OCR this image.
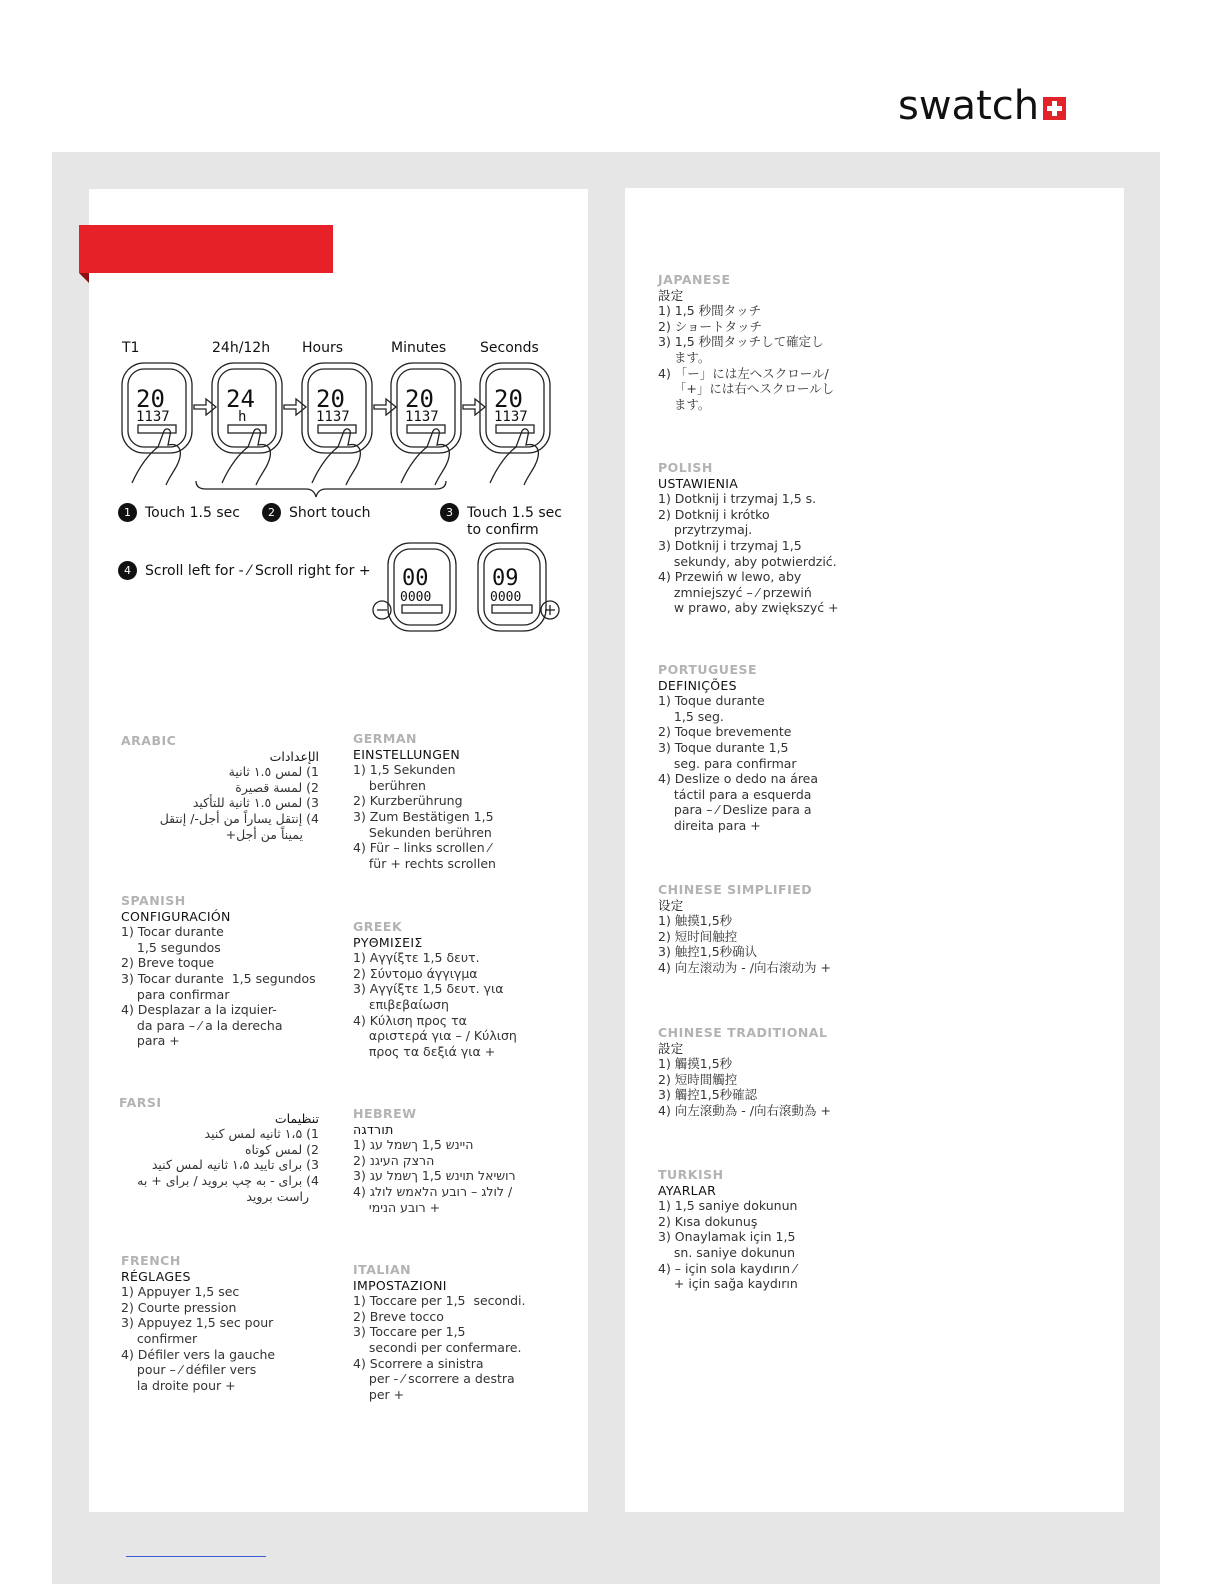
swatch
T1	24h/12h Hours	Minutes Seconds
20
1137
24
h
20
1137
20
1137
20
1137
00
0000
09
0000
1 Touch 1.5 sec	2 Short touch	3 Touch 1.5 sec
to confirm
4 Scroll left for - ⁄ Scroll right for +
ARABIC
الإعدادات
1) لمس ١.٥ ثانية
2) لمسة قصيرة
3) لمس ١.٥ ثانية للتأكيد
4) إنتقل يساراً من أجل-/ إنتقل
يميناً من أجل+
GERMAN
EINSTELLUNGEN
1) 1,5 Sekunden
berühren
2) Kurzberührung
3) Zum Bestätigen 1,5
Sekunden berühren
4) Für – links scrollen ⁄
für + rechts scrollen
SPANISH
CONFIGURACIÓN
1) Tocar durante
1,5 segundos
2) Breve toque
3) Tocar durante  1,5 segundos
para confirmar
4) Desplazar a la izquier-
da para – ⁄ a la derecha
para +
GREEK
ΡΥΘΜΙΣΕΙΣ
1) Αγγίξτε 1,5 δευτ.
2) Σύντομο άγγιγμα
3) Αγγίξτε 1,5 δευτ. για
επιβεβαίωση
4) Κύλιση προς τα
αριστερά για – / Κύλιση
προς τα δεξιά για +
FARSI
تنظیمات
1) ۱،۵ ثانیه لمس کنید
2) لمس کوتاه
3) برای تایید ۱،۵ ثانیه لمس کنید
4) برای - به چپ بروید / برای + به
راست بروید
HEBREW
תורדגה
1) היינש 1,5 ךשמל עג
2) הרצק העיגנ
3) רושיאל תוינש 1,5 ךשמל עג
4) לולג – רובע הלאמש לולג /
רובע הנימי +
FRENCH
RÉGLAGES
1) Appuyer 1,5 sec
2) Courte pression
3) Appuyez 1,5 sec pour
confirmer
4) Défiler vers la gauche
pour – ⁄ défiler vers
la droite pour +
ITALIAN
IMPOSTAZIONI
1) Toccare per 1,5  secondi.
2) Breve tocco
3) Toccare per 1,5
secondi per confermare.
4) Scorrere a sinistra
per - ⁄ scorrere a destra
per +
JAPANESE
設定
1) 1,5 秒間タッチ
2) ショートタッチ
3) 1,5 秒間タッチして確定し
ます。
4) 「ー」には左へスクロール/
「+」には右へスクロールし
ます。
POLISH
USTAWIENIA
1) Dotknij i trzymaj 1,5 s.
2) Dotknij i krótko
przytrzymaj.
3) Dotknij i trzymaj 1,5
sekundy, aby potwierdzić.
4) Przewiń w lewo, aby
zmniejszyć – ⁄ przewiń
w prawo, aby zwiększyć +
PORTUGUESE
DEFINIÇÕES
1) Toque durante
1,5 seg.
2) Toque brevemente
3) Toque durante 1,5
seg. para confirmar
4) Deslize o dedo na área
táctil para a esquerda
para – ⁄ Deslize para a
direita para +
CHINESE SIMPLIFIED
设定
1) 触摸1,5秒
2) 短时间触控
3) 触控1,5秒确认
4) 向左滚动为 - /向右滚动为 +
CHINESE TRADITIONAL
設定
1) 觸摸1,5秒
2) 短時間觸控
3) 觸控1,5秒確認
4) 向左滾動為 - /向右滾動為 +
TURKISH
AYARLAR
1) 1,5 saniye dokunun
2) Kısa dokunuş
3) Onaylamak için 1,5
sn. saniye dokunun
4) – için sola kaydırın ⁄
+ için sağa kaydırın
